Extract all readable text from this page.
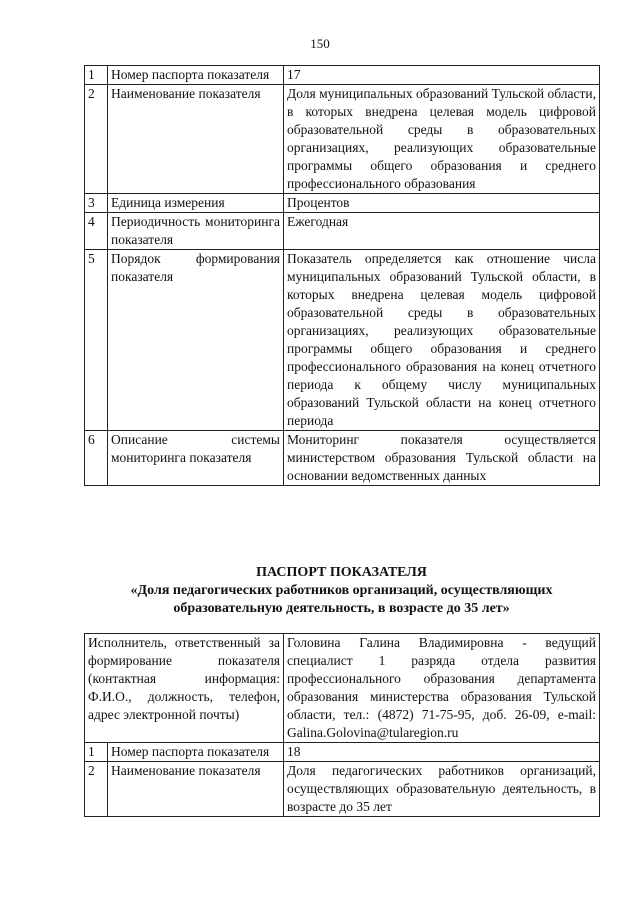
150
1	Номер паспорта показателя	17
2	Наименование показателя	Доля муниципальных образований Тульской области, в которых внедрена целевая модель цифровой образовательной среды в образовательных организациях, реализующих образовательные программы общего образования и среднего профессионального образования
3	Единица измерения	Процентов
4	Периодичность мониторинга показателя	Ежегодная
5	Порядок формирования показателя	Показатель определяется как отношение числа муниципальных образований Тульской области, в которых внедрена целевая модель цифровой образовательной среды в образовательных организациях, реализующих образовательные программы общего образования и среднего профессионального образования на конец отчетного периода к общему числу муниципальных образований Тульской области на конец отчетного периода
6	Описание системы мониторинга показателя	Мониторинг показателя осуществляется министерством образования Тульской области на основании ведомственных данных
ПАСПОРТ ПОКАЗАТЕЛЯ
«Доля педагогических работников организаций, осуществляющих
образовательную деятельность, в возрасте до 35 лет»
Исполнитель, ответственный за формирование показателя (контактная информация: Ф.И.О., должность, телефон, адрес электронной почты)		Головина Галина Владимировна - ведущий специалист 1 разряда отдела развития профессионального образования департамента образования министерства образования Тульской области, тел.: (4872) 71-75-95, доб. 26-09, e-mail: Galina.Golovina@tularegion.ru
1	Номер паспорта показателя	18
2	Наименование показателя	Доля педагогических работников организаций, осуществляющих образовательную деятельность, в возрасте до 35 лет
